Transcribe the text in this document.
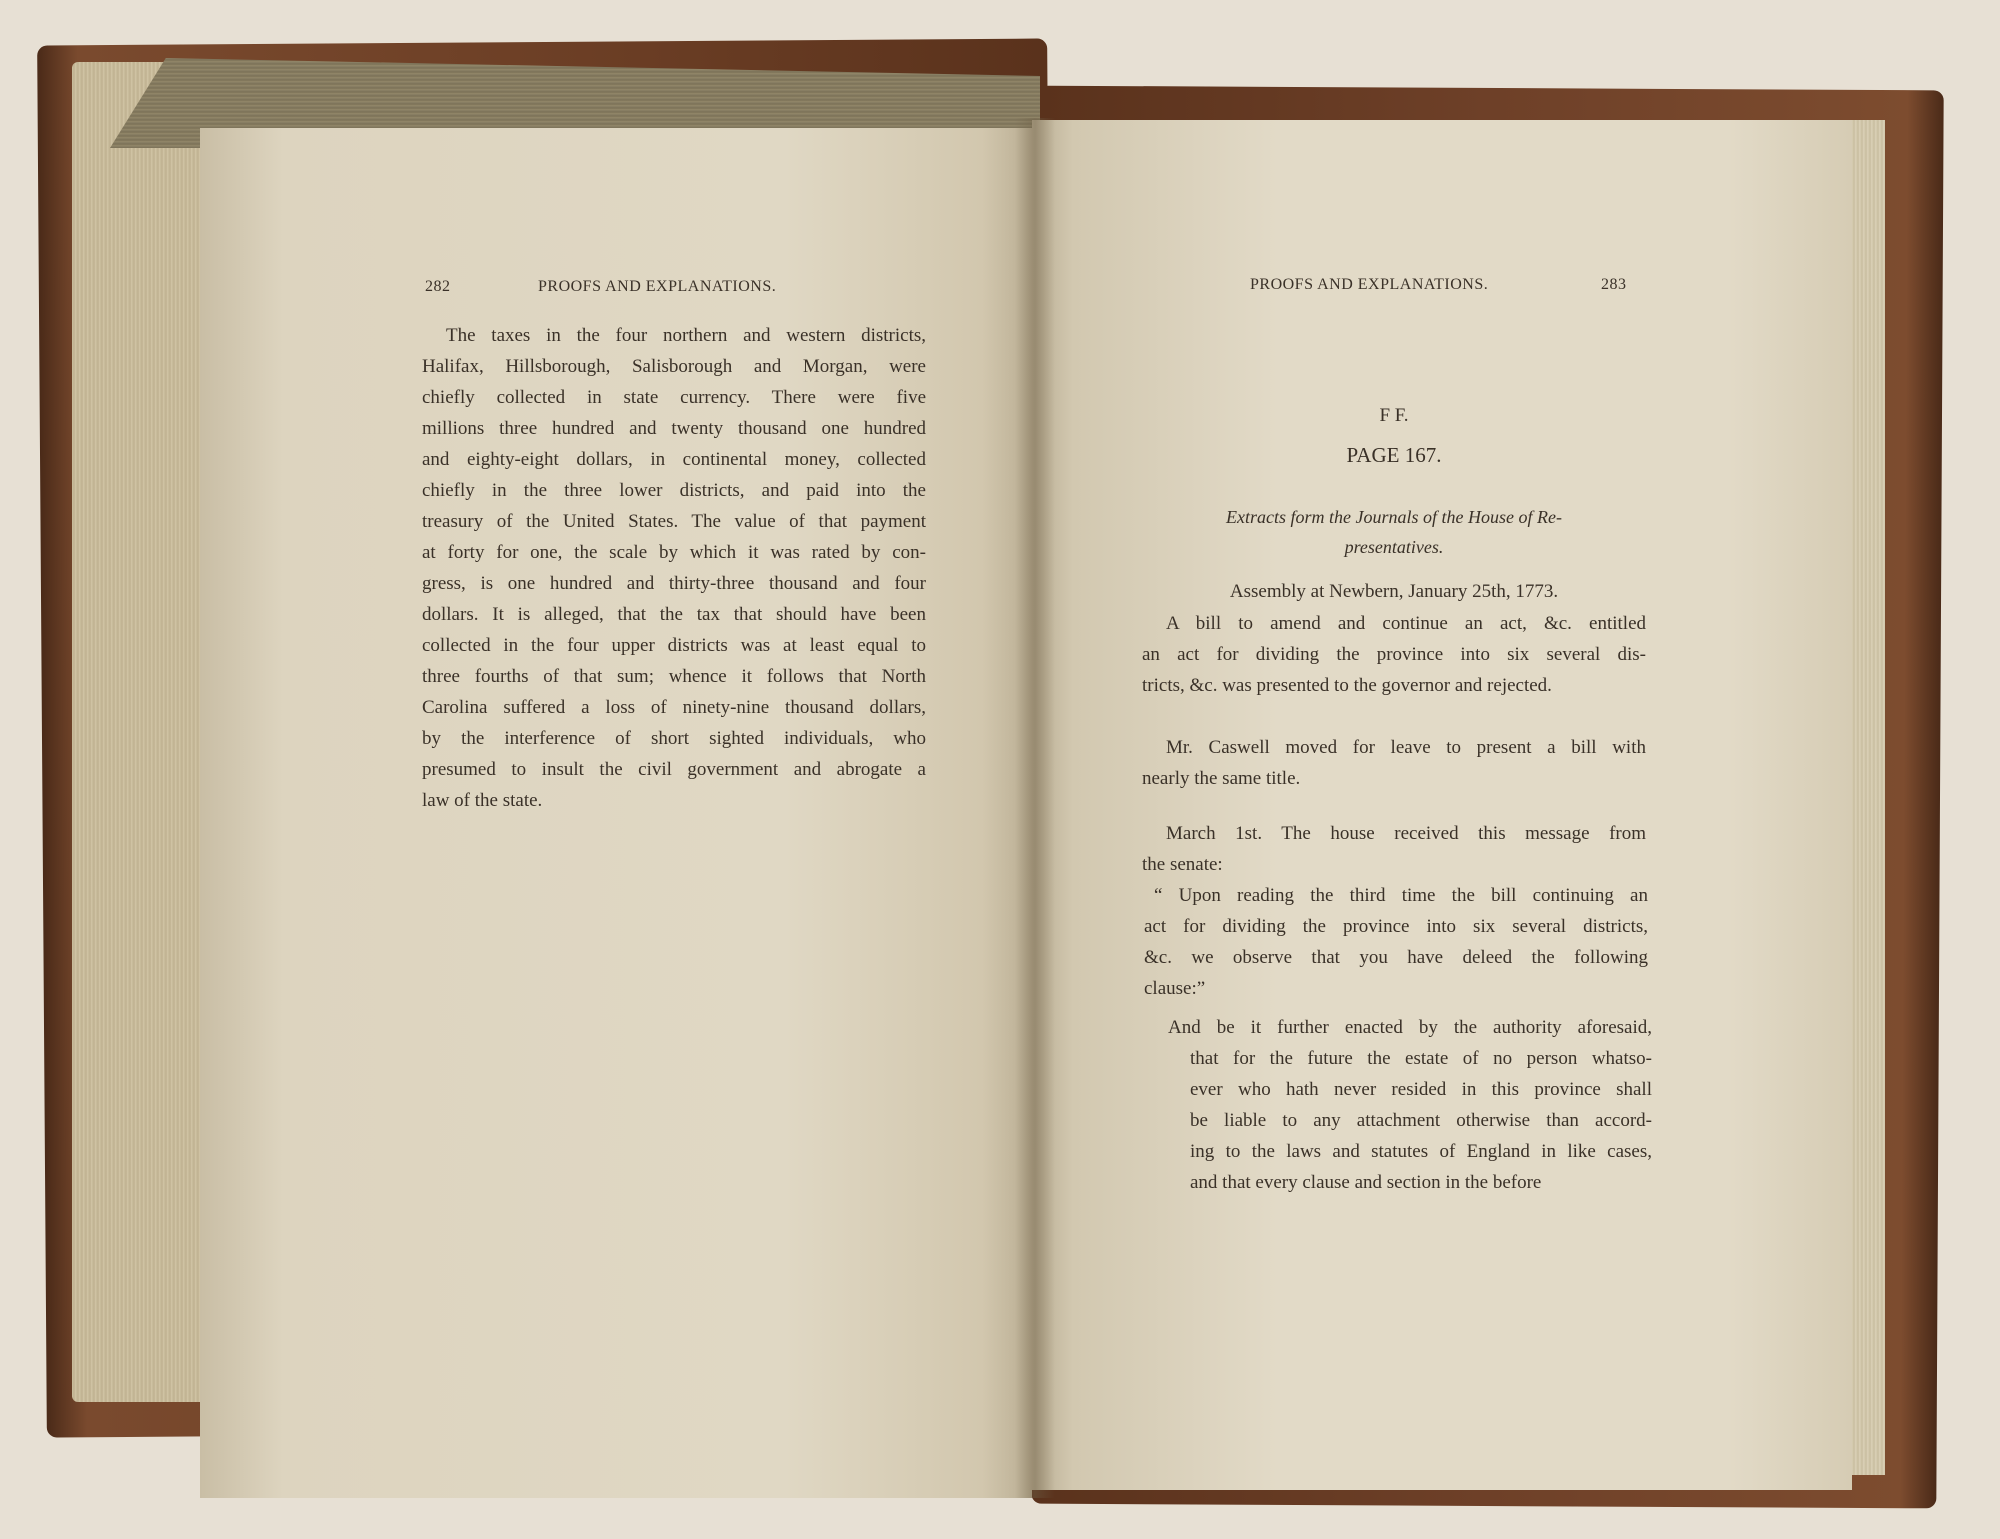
282	PROOFS AND EXPLANATIONS.
The taxes in the four northern and western districts,
Halifax, Hillsborough, Salisborough and Morgan, were
chiefly collected in state currency. There were five
millions three hundred and twenty thousand one hundred
and eighty-eight dollars, in continental money, collected
chiefly in the three lower districts, and paid into the
treasury of the United States. The value of that payment
at forty for one, the scale by which it was rated by con-
gress, is one hundred and thirty-three thousand and four
dollars. It is alleged, that the tax that should have been
collected in the four upper districts was at least equal to
three fourths of that sum; whence it follows that North
Carolina suffered a loss of ninety-nine thousand dollars,
by the interference of short sighted individuals, who
presumed to insult the civil government and abrogate a
law of the state.
PROOFS AND EXPLANATIONS.	283
F F.
PAGE 167.
Extracts form the Journals of the House of Re-
presentatives.
Assembly at Newbern, January 25th, 1773.
A bill to amend and continue an act, &c. entitled
an act for dividing the province into six several dis-
tricts, &c. was presented to the governor and rejected.
Mr. Caswell moved for leave to present a bill with
nearly the same title.
March 1st. The house received this message from
the senate:
“ Upon reading the third time the bill continuing an
act for dividing the province into six several districts,
&c. we observe that you have deleed the following
clause:”
And be it further enacted by the authority aforesaid,
that for the future the estate of no person whatso-
ever who hath never resided in this province shall
be liable to any attachment otherwise than accord-
ing to the laws and statutes of England in like cases,
and that every clause and section in the before
